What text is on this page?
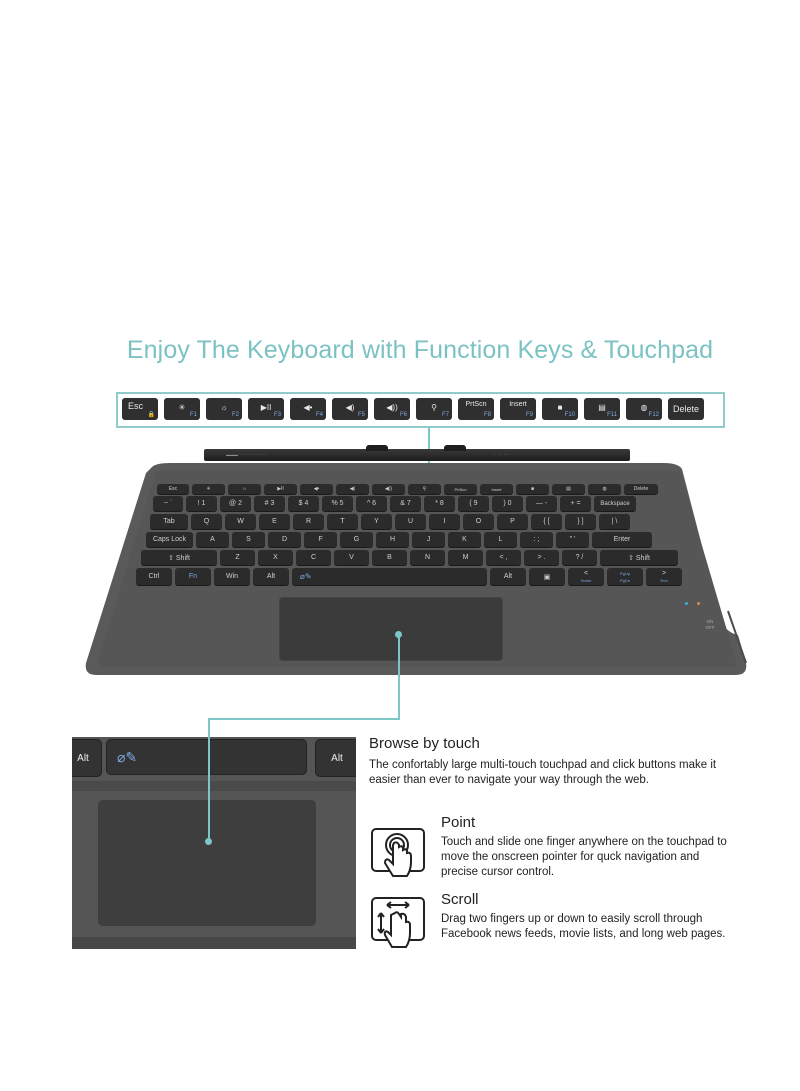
Enjoy The Keyboard with Function Keys & Touchpad
Esc
🔒
✳
F1
☼
F2
▶II
F3
◀•
F4
◀)
F5
◀))
F6
⚲
F7
PrtScn
F8
Insert
F9
■
F10
▤
F11
◍
F12
Delete
▬▬▬ ············ ········	··· ···· ·····
Esc	✳	☼	▶II	◀•	◀)	◀))	⚲	PrtScn	Insert	■	▤	◍	Delete
~ `	! 1	@ 2	# 3	$ 4	% 5	^ 6	& 7	* 8	( 9	) 0	— -	+ =	Backspace
Tab	Q	W	E	R	T	Y	U	I	O	P	{ [	} ]	| \
Caps Lock	A	S	D	F	G	H	J	K	L	: ;	" '	Enter
⇧ Shift	Z	X	C	V	B	N	M	< ,	> .	? /	⇧ Shift
Ctrl	Fn	Win	Alt	⌀✎	Alt	▣
<
Home
PgUp
PgDn
>
End
ON OFF
Alt	⌀✎	Alt
Browse by touch
The confortably large multi-touch touchpad and click buttons make it
easier than ever to navigate your way through the web.
Point
Touch and slide one finger anywhere on the touchpad to
move the onscreen pointer for quck navigation and
precise cursor control.
Scroll
Drag two fingers up or down to easily scroll through
Facebook news feeds, movie lists, and long web pages.
